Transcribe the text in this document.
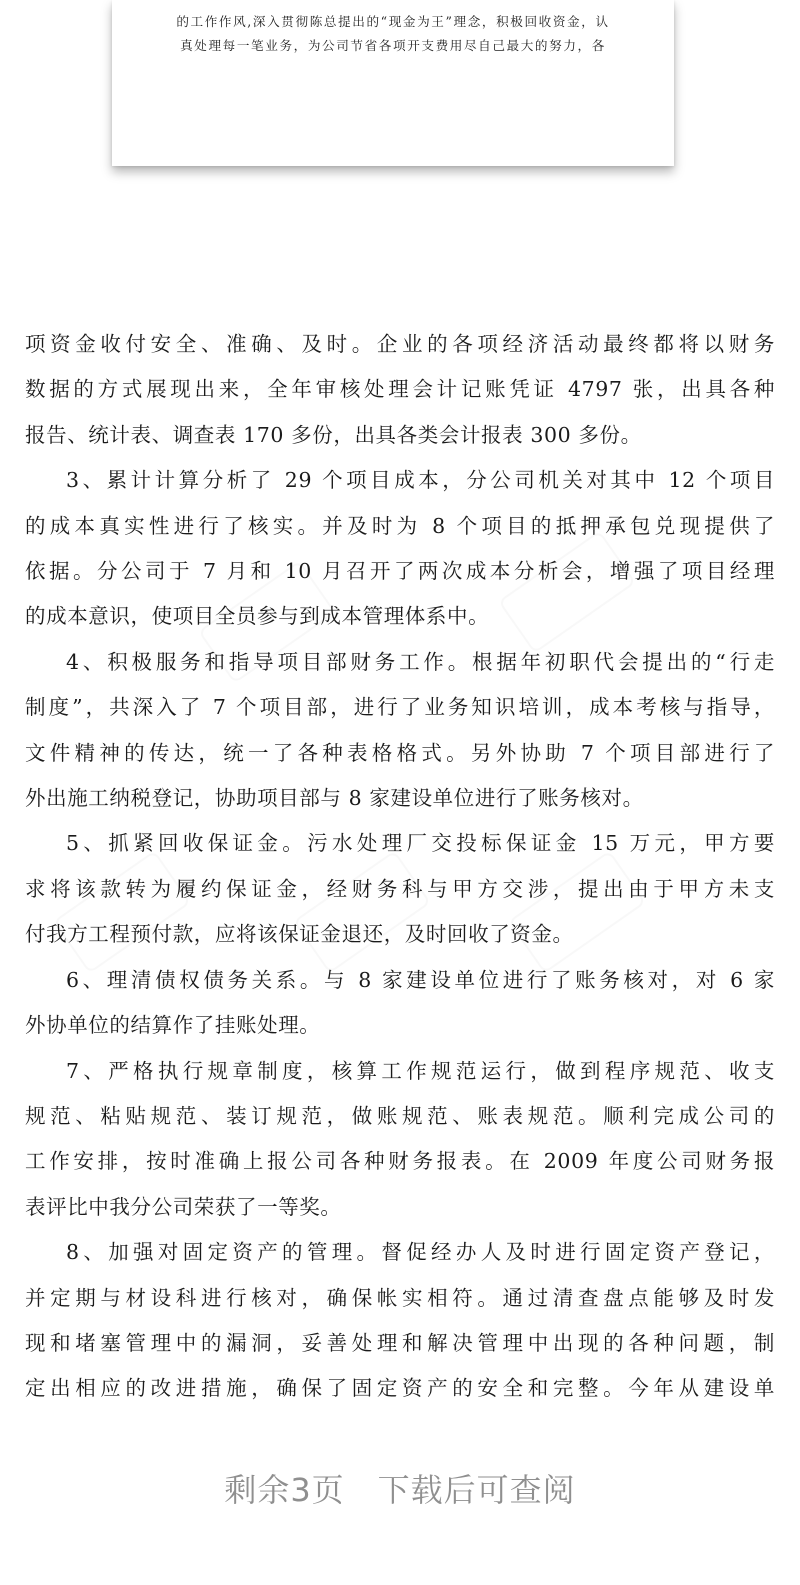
的工作作风,深入贯彻陈总提出的“现金为王”理念，积极回收资金，认

真处理每一笔业务，为公司节省各项开支费用尽自己最大的努力，各

项资金收付安全、准确、及时。企业的各项经济活动最终都将以财务

数据的方式展现出来，全年审核处理会计记账凭证 4797 张，出具各种

报告、统计表、调查表 170 多份，出具各类会计报表 300 多份。

3、累计计算分析了 29 个项目成本，分公司机关对其中 12 个项目

的成本真实性进行了核实。并及时为 8 个项目的抵押承包兑现提供了

依据。分公司于 7 月和 10 月召开了两次成本分析会，增强了项目经理

的成本意识，使项目全员参与到成本管理体系中。

4、积极服务和指导项目部财务工作。根据年初职代会提出的“行走

制度”，共深入了 7 个项目部，进行了业务知识培训，成本考核与指导，

文件精神的传达，统一了各种表格格式。另外协助 7 个项目部进行了

外出施工纳税登记，协助项目部与 8 家建设单位进行了账务核对。

5、抓紧回收保证金。污水处理厂交投标保证金 15 万元，甲方要

求将该款转为履约保证金，经财务科与甲方交涉，提出由于甲方未支

付我方工程预付款，应将该保证金退还，及时回收了资金。

6、理清债权债务关系。与 8 家建设单位进行了账务核对，对 6 家

外协单位的结算作了挂账处理。

7、严格执行规章制度，核算工作规范运行，做到程序规范、收支

规范、粘贴规范、装订规范，做账规范、账表规范。顺利完成公司的

工作安排，按时准确上报公司各种财务报表。在 2009 年度公司财务报

表评比中我分公司荣获了一等奖。

8、加强对固定资产的管理。督促经办人及时进行固定资产登记，

并定期与材设科进行核对，确保帐实相符。通过清查盘点能够及时发

现和堵塞管理中的漏洞，妥善处理和解决管理中出现的各种问题，制

定出相应的改进措施，确保了固定资产的安全和完整。今年从建设单

剩余3页　下载后可查阅
